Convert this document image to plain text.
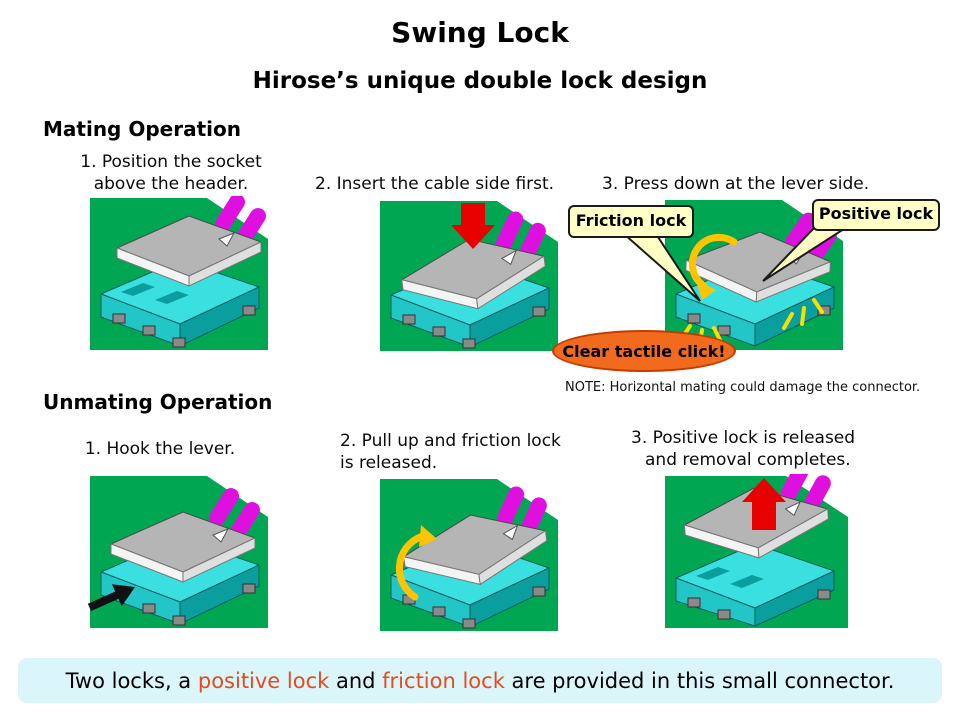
Swing Lock
Hirose’s unique double lock design
Mating Operation
1. Position the socket
above the header.	2. Insert the cable side first.	3. Press down at the lever side.
Friction lock	Positive lock
Clear tactile click!
NOTE: Horizontal mating could damage the connector.
Unmating Operation
1. Hook the lever.	2. Pull up and friction lock
is released.
3. Positive lock is released
and removal completes.
Two locks, a positive lock and friction lock are provided in this small connector.
